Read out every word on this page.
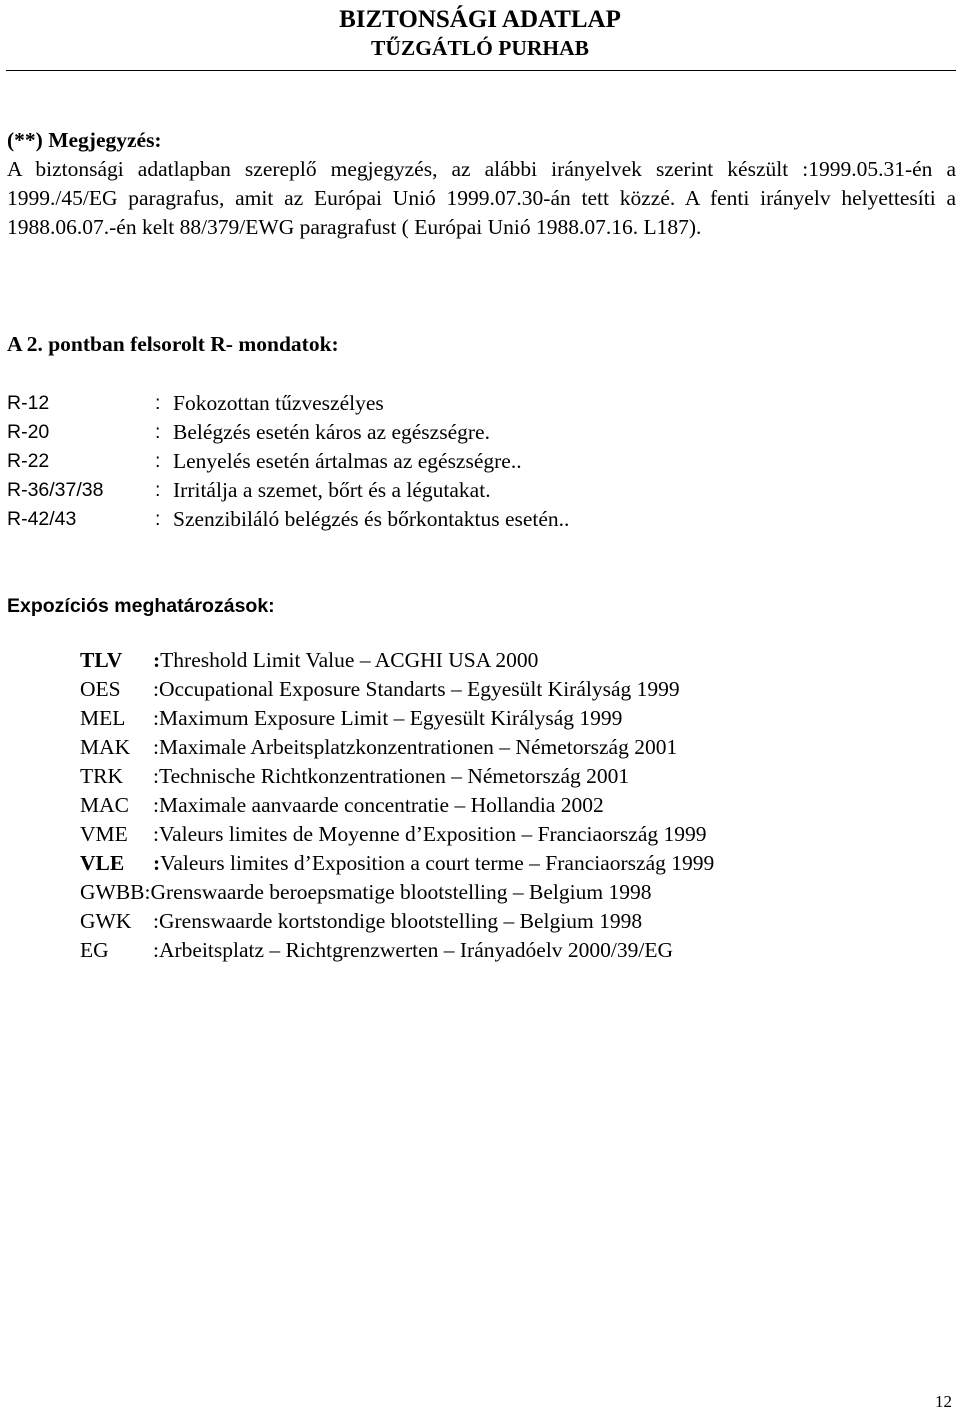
BIZTONSÁGI ADATLAP
TŰZGÁTLÓ PURHAB
(**) Megjegyzés:
A biztonsági adatlapban szereplő megjegyzés, az alábbi irányelvek szerint készült :1999.05.31-én a 1999./45/EG paragrafus, amit az Európai Unió 1999.07.30-án tett közzé. A fenti irányelv helyettesíti a 1988.06.07.-én kelt 88/379/EWG paragrafust ( Európai Unió 1988.07.16. L187).
A 2. pontban felsorolt R- mondatok:
R-12	: Fokozottan tűzveszélyes
R-20	: Belégzés esetén káros az egészségre.
R-22	: Lenyelés esetén ártalmas az egészségre..
R-36/37/38	: Irritálja a szemet, bőrt és a légutakat.
R-42/43	: Szenzibiláló belégzés és bőrkontaktus esetén..
Expozíciós meghatározások:
TLV	: Threshold Limit Value – ACGHI USA 2000
OES	: Occupational Exposure Standarts – Egyesült Királyság 1999
MEL	: Maximum Exposure Limit – Egyesült Királyság 1999
MAK	: Maximale Arbeitsplatzkonzentrationen – Németország 2001
TRK	: Technische Richtkonzentrationen – Németország 2001
MAC	: Maximale aanvaarde concentratie – Hollandia 2002
VME	: Valeurs limites de Moyenne d’Exposition – Franciaország 1999
VLE	: Valeurs limites d’Exposition a court terme – Franciaország 1999
GWBB : Grenswaarde beroepsmatige blootstelling – Belgium 1998
GWK	: Grenswaarde kortstondige blootstelling – Belgium 1998
EG	: Arbeitsplatz – Richtgrenzwerten – Irányadóelv 2000/39/EG
12
